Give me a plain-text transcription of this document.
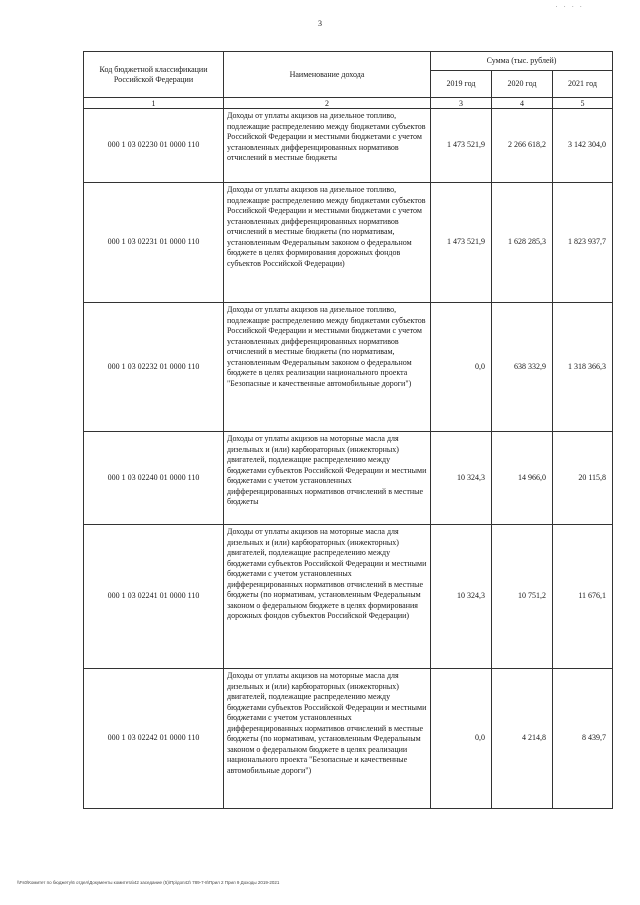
3
· · · ·
Код бюджетной классификации Российской Федерации	Наименование дохода	Сумма (тыс. рублей)		
		2019 год	2020 год	2021 год
1	2	3	4	5
000 1 03 02230 01 0000 110	Доходы от уплаты акцизов на дизельное топливо, подлежащие распределению между бюджетами субъектов Российской Федерации и местными бюджетами с учетом установленных дифференцированных нормативов отчислений в местные бюджеты	1 473 521,9	2 266 618,2	3 142 304,0
000 1 03 02231 01 0000 110	Доходы от уплаты акцизов на дизельное топливо, подлежащие распределению между бюджетами субъектов Российской Федерации и местными бюджетами с учетом установленных дифференцированных нормативов отчислений в местные бюджеты (по нормативам, установленным Федеральным законом о федеральном бюджете в целях формирования дорожных фондов субъектов Российской Федерации)	1 473 521,9	1 628 285,3	1 823 937,7
000 1 03 02232 01 0000 110	Доходы от уплаты акцизов на дизельное топливо, подлежащие распределению между бюджетами субъектов Российской Федерации и местными бюджетами с учетом установленных дифференцированных нормативов отчислений в местные бюджеты (по нормативам, установленным Федеральным законом о федеральном бюджете в целях реализации национального проекта "Безопасные и качественные автомобильные дороги")	0,0	638 332,9	1 318 366,3
000 1 03 02240 01 0000 110	Доходы от уплаты акцизов на моторные масла для дизельных и (или) карбюраторных (инжекторных) двигателей, подлежащие распределению между бюджетами субъектов Российской Федерации и местными бюджетами с учетом установленных дифференцированных нормативов отчислений в местные бюджеты	10 324,3	14 966,0	20 115,8
000 1 03 02241 01 0000 110	Доходы от уплаты акцизов на моторные масла для дизельных и (или) карбюраторных (инжекторных) двигателей, подлежащие распределению между бюджетами субъектов Российской Федерации и местными бюджетами с учетом установленных дифференцированных нормативов отчислений в местные бюджеты (по нормативам, установленным Федеральным законом о федеральном бюджете в целях формирования дорожных фондов субъектов Российской Федерации)	10 324,3	10 751,2	11 676,1
000 1 03 02242 01 0000 110	Доходы от уплаты акцизов на моторные масла для дизельных и (или) карбюраторных (инжекторных) двигателей, подлежащие распределению между бюджетами субъектов Российской Федерации и местными бюджетами с учетом установленных дифференцированных нормативов отчислений в местные бюджеты (по нормативам, установленным Федеральным законом о федеральном бюджете в целях реализации национального проекта "Безопасные и качественные автомобильные дороги")	0,0	4 214,8	8 439,7
\\Fs0\Комитет по бюджету\6 отдел\Документы комитета\42 заседание (5)\Пр\доп42\ 789-7-8\Прил 2 Прил 9 Доходы 2019-2021
